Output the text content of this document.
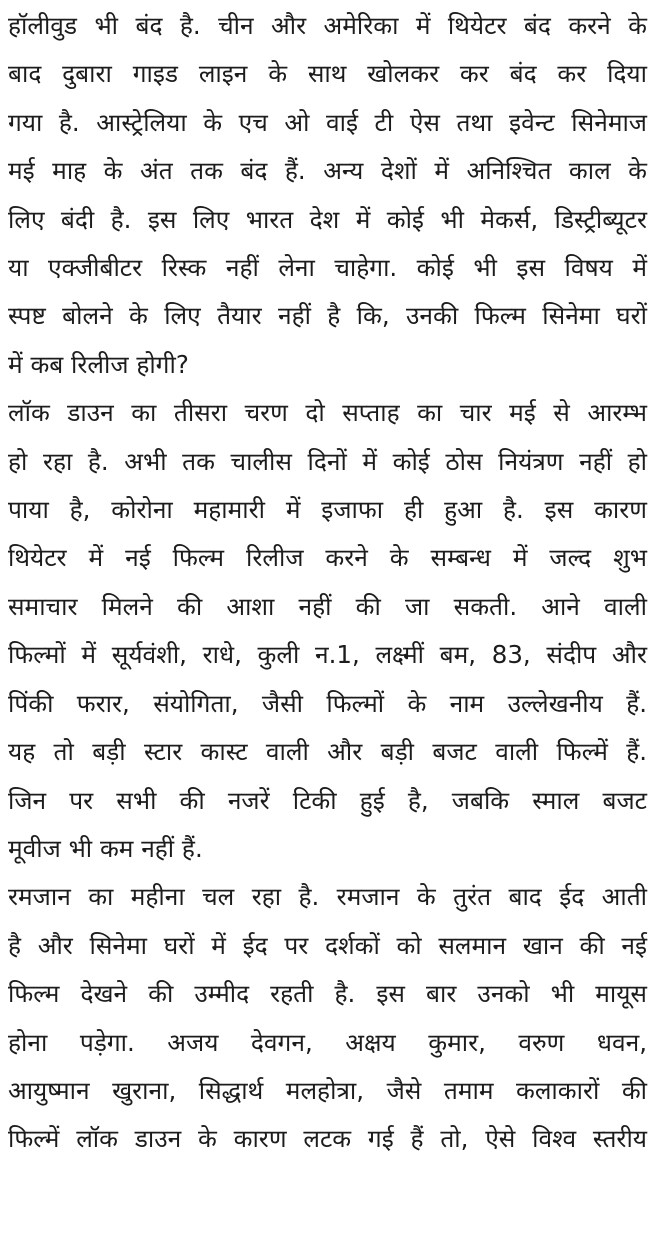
हॉलीवुड भी बंद है. चीन और अमेरिका में थियेटर बंद करने के
बाद दुबारा गाइड लाइन के साथ खोलकर कर बंद कर दिया
गया है. आस्ट्रेलिया के एच ओ वाई टी ऐस तथा इवेन्ट सिनेमाज
मई माह के अंत तक बंद हैं. अन्य देशों में अनिश्चित काल के
लिए बंदी है. इस लिए भारत देश में कोई भी मेकर्स, डिस्ट्रीब्यूटर
या एक्जीबीटर रिस्क नहीं लेना चाहेगा. कोई भी इस विषय में
स्पष्ट बोलने के लिए तैयार नहीं है कि, उनकी फिल्म सिनेमा घरों
में कब रिलीज होगी?

लॉक डाउन का तीसरा चरण दो सप्ताह का चार मई से आरम्भ
हो रहा है. अभी तक चालीस दिनों में कोई ठोस नियंत्रण नहीं हो
पाया है, कोरोना महामारी में इजाफा ही हुआ है. इस कारण
थियेटर में नई फिल्म रिलीज करने के सम्बन्ध में जल्द शुभ
समाचार मिलने की आशा नहीं की जा सकती. आने वाली
फिल्मों में सूर्यवंशी, राधे, कुली न.1, लक्ष्मीं बम, 83, संदीप और
पिंकी फरार, संयोगिता, जैसी फिल्मों के नाम उल्लेखनीय हैं.
यह तो बड़ी स्टार कास्ट वाली और बड़ी बजट वाली फिल्में हैं.
जिन पर सभी की नजरें टिकी हुई है, जबकि स्माल बजट
मूवीज भी कम नहीं हैं.

रमजान का महीना चल रहा है. रमजान के तुरंत बाद ईद आती
है और सिनेमा घरों में ईद पर दर्शकों को सलमान खान की नई
फिल्म देखने की उम्मीद रहती है. इस बार उनको भी मायूस
होना पड़ेगा. अजय देवगन, अक्षय कुमार, वरुण धवन,
आयुष्मान खुराना, सिद्धार्थ मलहोत्रा, जैसे तमाम कलाकारों की
फिल्में लॉक डाउन के कारण लटक गई हैं तो, ऐसे विश्व स्तरीय
